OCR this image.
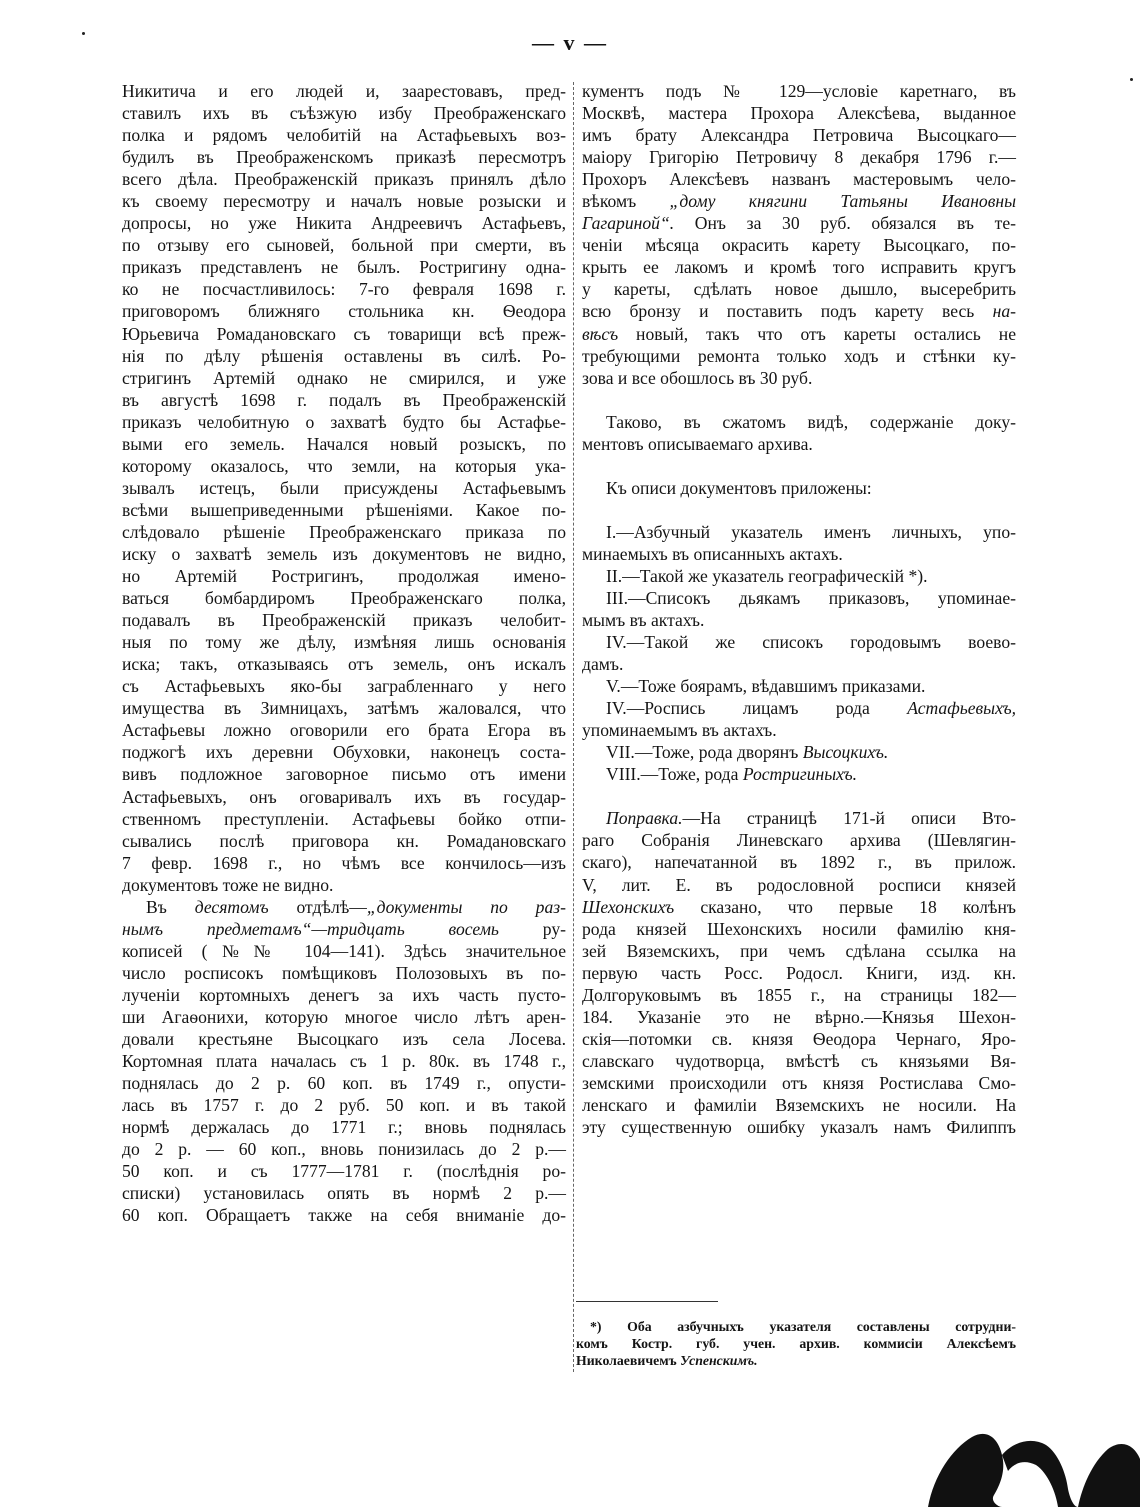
— v —
Никитича и его людей и, заарестовавъ, пред-
ставилъ ихъ въ съѣзжую избу Преображенскаго
полка и рядомъ челобитій на Астафьевыхъ воз-
будилъ въ Преображенскомъ приказѣ пересмотръ
всего дѣла. Преображенскій приказъ принялъ дѣло
къ своему пересмотру и началъ новые розыски и
допросы, но уже Никита Андреевичъ Астафьевъ,
по отзыву его сыновей, больной при смерти, въ
приказъ представленъ не былъ. Ростригину одна-
ко не посчастливилось: 7-го февраля 1698 г.
приговоромъ ближняго стольника кн. Ѳеодора
Юрьевича Ромадановскаго съ товарищи всѣ преж-
нія по дѣлу рѣшенія оставлены въ силѣ. Ро-
стригинъ Артемій однако не смирился, и уже
въ августѣ 1698 г. подалъ въ Преображенскій
приказъ челобитную о захватѣ будто бы Астафье-
выми его земель. Начался новый розыскъ, по
которому оказалось, что земли, на которыя ука-
зывалъ истецъ, были присуждены Астафьевымъ
всѣми вышеприведенными рѣшеніями. Какое по-
слѣдовало рѣшеніе Преображенскаго приказа по
иску о захватѣ земель изъ документовъ не видно,
но Артемій Ростригинъ, продолжая имено-
ваться бомбардиромъ Преображенскаго полка,
подавалъ въ Преображенскій приказъ челобит-
ныя по тому же дѣлу, измѣняя лишь основанія
иска; такъ, отказываясь отъ земель, онъ искалъ
съ Астафьевыхъ яко-бы заграбленнаго у него
имущества въ Зимницахъ, затѣмъ жаловался, что
Астафьевы ложно оговорили его брата Егора въ
поджогѣ ихъ деревни Обуховки, наконецъ состa-
вивъ подложное заговорное письмо отъ имени
Астафьевыхъ, онъ оговаривалъ ихъ въ государ-
ственномъ преступленіи. Астафьевы бойко отпи-
сывались послѣ приговора кн. Ромадановскаго
7 февр. 1698 г., но чѣмъ все кончилось—изъ
документовъ тоже не видно.
Въ десятомъ отдѣлѣ—„документы по раз-
нымъ предметамъ“—тридцать восемь ру-
кописей (№№ 104—141). Здѣсь значительное
число росписокъ помѣщиковъ Полозовыхъ въ по-
лученіи кортомныхъ денегъ за ихъ часть пусто-
ши Агаѳонихи, которую многое число лѣтъ арен-
довали крестьяне Высоцкаго изъ села Лосева.
Кортомная плата началась съ 1 р. 80к. въ 1748 г.,
поднялась до 2 р. 60 коп. въ 1749 г., опусти-
лась въ 1757 г. до 2 руб. 50 коп. и въ такой
нормѣ держалась до 1771 г.; вновь поднялась
до 2 р. — 60 коп., вновь понизилась до 2 р.—
50 коп. и съ 1777—1781 г. (послѣднія ро-
списки) установилась опять въ нормѣ 2 р.—
60 коп. Обращаетъ также на себя вниманіе до-
кументъ подъ № 129—условіе каретнаго, въ
Москвѣ, мастера Прохора Алексѣева, выданное
имъ брату Александра Петровича Высоцкаго—
маіору Григорію Петровичу 8 декабря 1796 г.—
Прохоръ Алексѣевъ названъ мастеровымъ чело-
вѣкомъ „дому княгини Татьяны Ивановны
Гагариной“. Онъ за 30 руб. обязался въ те-
ченіи мѣсяца окрасить карету Высоцкаго, по-
крыть ее лакомъ и кромѣ того исправить кругъ
у кареты, сдѣлать новое дышло, высеребрить
всю бронзу и поставить подъ карету весь на-
вѣсъ новый, такъ что отъ кареты остались не
требующими ремонта только ходъ и стѣнки ку-
зова и все обошлось въ 30 руб.
Таково, въ сжатомъ видѣ, содержаніе доку-
ментовъ описываемаго архива.
Къ описи документовъ приложены:
I.—Азбучный указатель именъ личныхъ, упо-
минаемыхъ въ описанныхъ актахъ.
II.—Такой же указатель географическій *).
III.—Списокъ дьякамъ приказовъ, упоминае-
мымъ въ актахъ.
IV.—Такой же списокъ городовымъ воево-
дамъ.
V.—Тоже боярамъ, вѣдавшимъ приказами.
IV.—Роспись лицамъ рода Астафьевыхъ,
упоминаемымъ въ актахъ.
VII.—Тоже, рода дворянъ Высоцкихъ.
VIII.—Тоже, рода Ростригиныхъ.
Поправка.—На страницѣ 171-й описи Вто-
раго Собранія Линевскаго архива (Шевлягин-
скаго), напечатанной въ 1892 г., въ прилож.
V, лит. Е. въ родословной росписи князей
Шехонскихъ сказано, что первые 18 колѣнъ
рода князей Шехонскихъ носили фамилію кня-
зей Вяземскихъ, при чемъ сдѣлана ссылка на
первую часть Росс. Родосл. Книги, изд. кн.
Долгоруковымъ въ 1855 г., на страницы 182—
184. Указаніе это не вѣрно.—Князья Шехон-
скія—потомки св. князя Ѳеодора Чернаго, Яро-
славскаго чудотворца, вмѣстѣ съ князьями Вя-
земскими происходили отъ князя Ростислава Смо-
ленскаго и фамиліи Вяземскихъ не носили. На
эту существенную ошибку указалъ намъ Филиппъ
*) Оба азбучныхъ указателя составлены сотрудни-
комъ Костр. губ. учен. архив. коммисіи Алексѣемъ
Николаевичемъ Успенскимъ.
